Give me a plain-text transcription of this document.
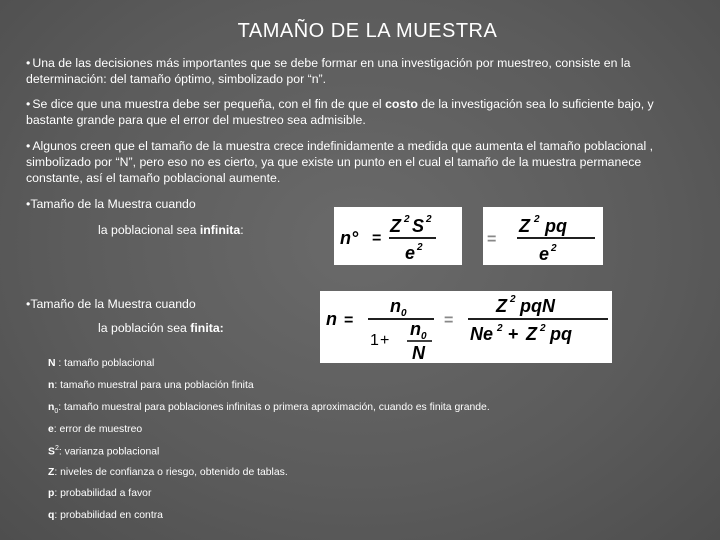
TAMAÑO DE LA MUESTRA
• Una de las decisiones más importantes que se debe formar en una investigación por muestreo, consiste en la determinación: del tamaño óptimo, simbolizado por “n”.
• Se dice que una muestra debe ser pequeña, con el fin de que el costo de la investigación sea lo suficiente bajo, y bastante grande para que el error del muestreo sea admisible.
• Algunos creen que el tamaño de la muestra crece indefinidamente a medida que aumenta el tamaño poblacional , simbolizado por “N”, pero eso no es cierto, ya que existe un punto en el cual el tamaño de la muestra permanece constante, así el tamaño poblacional aumente.
•Tamaño de la Muestra cuando
la poblacional sea infinita:	n° =
Z 2 S 2
e 2	=
Z 2 pq
e 2
•Tamaño de la Muestra cuando
la población sea finita:	n =
n 0
1 +
n 0
N
=
Z 2 pqN
Ne 2 + Z 2 pq
N : tamaño poblacional
n: tamaño muestral para una población finita
$n_0$: tamaño muestral para poblaciones infinitas o primera aproximación, cuando es finita grande.
e: error de muestreo
$S^2$: varianza poblacional
Z: niveles de confianza o riesgo, obtenido de tablas.
p: probabilidad a favor
q: probabilidad en contra
